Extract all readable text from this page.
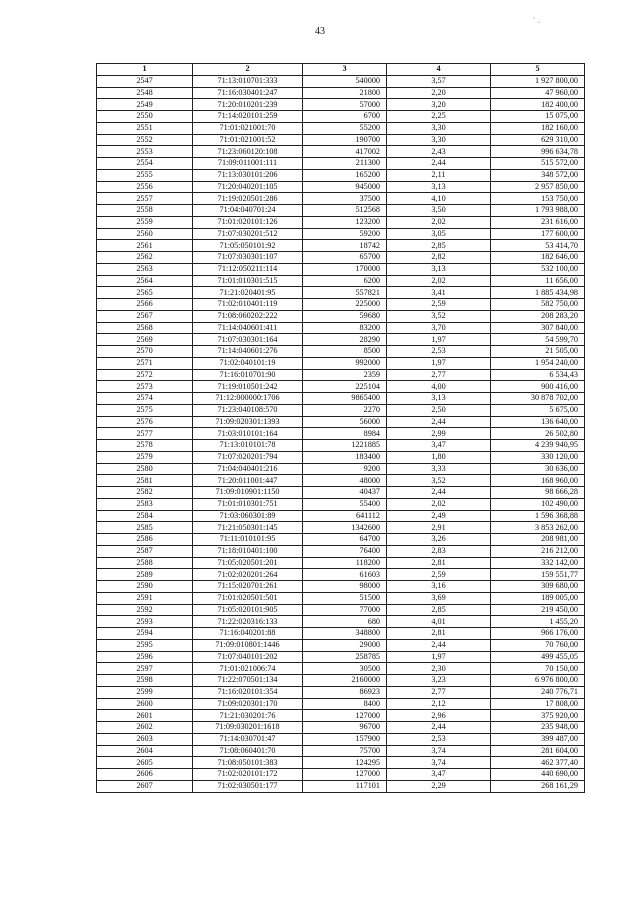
43
· ˏ
1	2	3	4	5
2547	71:13:010701:333	540000	3,57	1 927 800,00
2548	71:16:030401:247	21800	2,20	47 960,00
2549	71:20:010201:239	57000	3,20	182 400,00
2550	71:14:020101:259	6700	2,25	15 075,00
2551	71:01:021001:70	55200	3,30	182 160,00
2552	71:01:021001:52	190700	3,30	629 310,00
2553	71:23:060120:108	417002	2,43	996 634,78
2554	71:09:011001:111	211300	2,44	515 572,00
2555	71:13:030101:206	165200	2,11	348 572,00
2556	71:20:040201:105	945000	3,13	2 957 850,00
2557	71:19:020501:286	37500	4,10	153 750,00
2558	71:04:040701:24	512568	3,50	1 793 988,00
2559	71:01:020101:126	123200	2,02	231 616,00
2560	71:07:030201:512	59200	3,05	177 600,00
2561	71:05:050101:92	18742	2,85	53 414,70
2562	71:07:030301:107	65700	2,82	182 646,00
2563	71:12:050211:114	170000	3,13	532 100,00
2564	71:01:010301:515	6200	2,02	11 656,00
2565	71:21:020401:95	557821	3,41	1 885 434,98
2566	71:02:010401:119	225000	2,59	582 750,00
2567	71:08:060202:222	59680	3,52	208 283,20
2568	71:14:040601:411	83200	3,70	307 840,00
2569	71:07:030301:164	28290	1,97	54 599,70
2570	71:14:040601:276	8500	2,53	21 505,00
2571	71:02:040101:19	992000	1,97	1 954 240,00
2572	71:16:010701:90	2359	2,77	6 534,43
2573	71:19:010501:242	225104	4,00	900 416,00
2574	71:12:000000:1706	9865400	3,13	30 878 702,00
2575	71:23:040108:570	2270	2,50	5 675,00
2576	71:09:020301:1393	56000	2,44	136 640,00
2577	71:03:010101:164	8984	2,99	26 502,80
2578	71:13:010101:78	1221885	3,47	4 239 940,95
2579	71:07:020201:794	183400	1,80	330 120,00
2580	71:04:040401:216	9200	3,33	30 636,00
2581	71:20:011001:447	48000	3,52	168 960,00
2582	71:09:010901:1150	40437	2,44	98 666,28
2583	71:01:010301:751	55400	2,02	102 490,00
2584	71:03:060301:89	641112	2,49	1 596 368,88
2585	71:21:050301:145	1342600	2,91	3 853 262,00
2586	71:11:010101:95	64700	3,26	208 981,00
2587	71:18:010401:100	76400	2,83	216 212,00
2588	71:05:020501:201	118200	2,81	332 142,00
2589	71:02:020201:264	61603	2,59	159 551,77
2590	71:15:020701:261	98000	3,16	309 680,00
2591	71:01:020501:501	51500	3,69	189 005,00
2592	71:05:020101:905	77000	2,85	219 450,00
2593	71:22:020316:133	680	4,01	1 455,20
2594	71:16:040201:88	348800	2,81	966 176,00
2595	71:09:010801:1446	29000	2,44	70 760,00
2596	71:07:040101:202	258785	1,97	499 455,05
2597	71:01:021006:74	30500	2,30	70 150,00
2598	71:22:070501:134	2160000	3,23	6 976 800,00
2599	71:16:020101:354	86923	2,77	240 776,71
2600	71:09:020301:170	8400	2,12	17 808,00
2601	71:21:030201:76	127000	2,96	375 920,00
2602	71:09:030201:1618	96700	2,44	235 948,00
2603	71:14:030701:47	157900	2,53	399 487,00
2604	71:08:060401:70	75700	3,74	281 604,00
2605	71:08:050101:383	124295	3,74	462 377,40
2606	71:02:020101:172	127000	3,47	440 690,00
2607	71:02:030501:177	117101	2,29	268 161,29
